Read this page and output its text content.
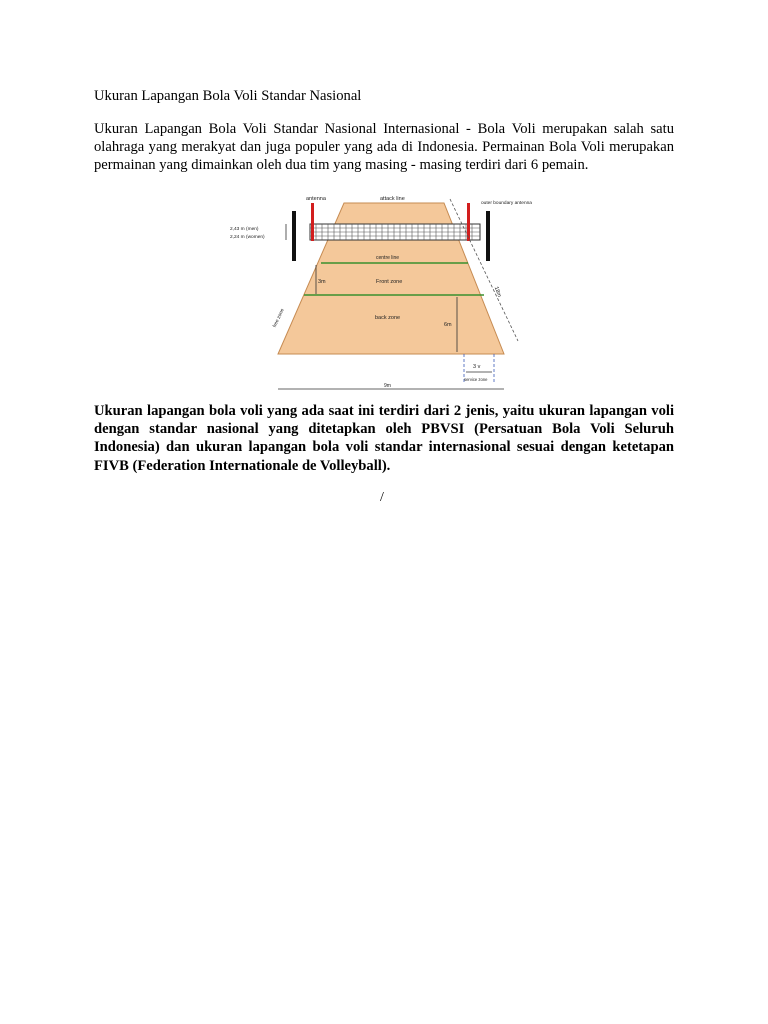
Ukuran Lapangan Bola Voli Standar Nasional
Ukuran Lapangan Bola Voli Standar Nasional Internasional - Bola Voli merupakan salah satu olahraga yang merakyat dan juga populer yang ada di Indonesia. Permainan Bola Voli merupakan permainan yang dimainkan oleh dua tim yang masing - masing terdiri dari 6 pemain.
antenna	attack line
outer boundary antenna
2,43 m (men)
2,24 m (women)
centre line
3m	Front zone
back zone
6m
18m
free zone
3 v
service zone
9m
Ukuran lapangan bola voli yang ada saat ini terdiri dari 2 jenis, yaitu ukuran lapangan voli dengan standar nasional yang ditetapkan oleh PBVSI (Persatuan Bola Voli Seluruh Indonesia) dan ukuran lapangan bola voli standar internasional sesuai dengan ketetapan FIVB (Federation Internationale de Volleyball).
/
